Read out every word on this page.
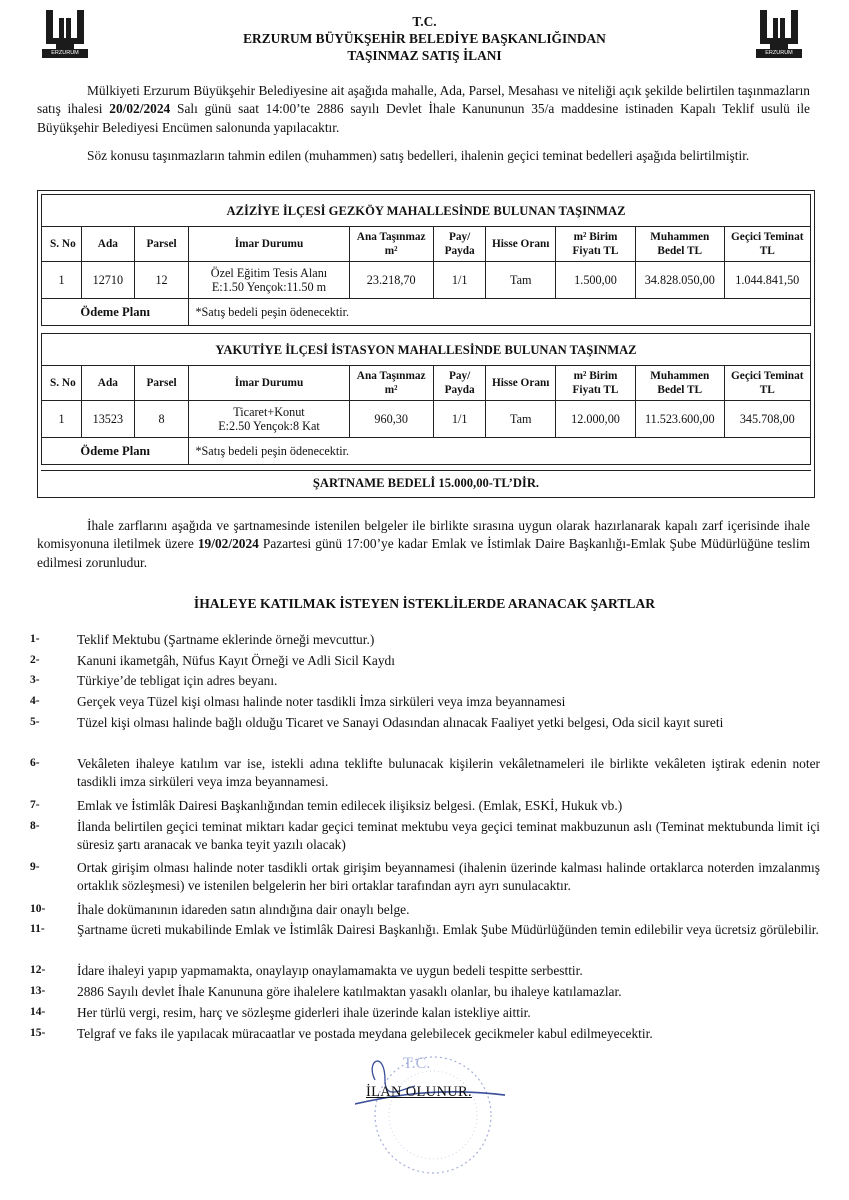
ERZURUM	ERZURUM
T.C.
ERZURUM BÜYÜKŞEHİR BELEDİYE BAŞKANLIĞINDAN
TAŞINMAZ SATIŞ İLANI
Mülkiyeti Erzurum Büyükşehir Belediyesine ait aşağıda mahalle, Ada, Parsel, Mesahası ve niteliği açık şekilde belirtilen taşınmazların satış ihalesi 20/02/2024 Salı günü saat 14:00’te 2886 sayılı Devlet İhale Kanununun 35/a maddesine istinaden Kapalı Teklif usulü ile Büyükşehir Belediyesi Encümen salonunda yapılacaktır.
Söz konusu taşınmazların tahmin edilen (muhammen) satış bedelleri, ihalenin geçici teminat bedelleri aşağıda belirtilmiştir.
AZİZİYE İLÇESİ GEZKÖY MAHALLESİNDE BULUNAN TAŞINMAZ									
S. No	Ada	Parsel	İmar Durumu	Ana Taşınmaz m²	Pay/ Payda	Hisse Oranı	m² Birim Fiyatı TL	Muhammen Bedel TL	Geçici Teminat TL
1	12710	12	Özel Eğitim Tesis Alanı
E:1.50 Yençok:11.50 m	23.218,70	1/1	Tam	1.500,00	34.828.050,00	1.044.841,50
Ödeme Planı			*Satış bedeli peşin ödenecektir.						
YAKUTİYE İLÇESİ İSTASYON MAHALLESİNDE BULUNAN TAŞINMAZ									
S. No	Ada	Parsel	İmar Durumu	Ana Taşınmaz m²	Pay/ Payda	Hisse Oranı	m² Birim Fiyatı TL	Muhammen Bedel TL	Geçici Teminat TL
1	13523	8	Ticaret+Konut
E:2.50 Yençok:8 Kat	960,30	1/1	Tam	12.000,00	11.523.600,00	345.708,00
Ödeme Planı			*Satış bedeli peşin ödenecektir.						
ŞARTNAME BEDELİ 15.000,00-TL’DİR.
İhale zarflarını aşağıda ve şartnamesinde istenilen belgeler ile birlikte sırasına uygun olarak hazırlanarak kapalı zarf içerisinde ihale komisyonuna iletilmek üzere 19/02/2024 Pazartesi günü 17:00’ye kadar Emlak ve İstimlak Daire Başkanlığı-Emlak Şube Müdürlüğüne teslim edilmesi zorunludur.
İHALEYE KATILMAK İSTEYEN İSTEKLİLERDE ARANACAK ŞARTLAR
1-	Teklif Mektubu (Şartname eklerinde örneği mevcuttur.)
2-	Kanuni ikametgâh, Nüfus Kayıt Örneği ve Adli Sicil Kaydı
3-	Türkiye’de tebligat için adres beyanı.
4-	Gerçek veya Tüzel kişi olması halinde noter tasdikli İmza sirküleri veya imza beyannamesi
5-	Tüzel kişi olması halinde bağlı olduğu Ticaret ve Sanayi Odasından alınacak Faaliyet yetki belgesi, Oda sicil kayıt sureti
6-	Vekâleten ihaleye katılım var ise, istekli adına teklifte bulunacak kişilerin vekâletnameleri ile birlikte vekâleten iştirak edenin noter tasdikli imza sirküleri veya imza beyannamesi.
7-	Emlak ve İstimlâk Dairesi Başkanlığından temin edilecek ilişiksiz belgesi. (Emlak, ESKİ, Hukuk vb.)
8-	İlanda belirtilen geçici teminat miktarı kadar geçici teminat mektubu veya geçici teminat makbuzunun aslı (Teminat mektubunda limit içi süresiz şartı aranacak ve banka teyit yazılı olacak)
9-	Ortak girişim olması halinde noter tasdikli ortak girişim beyannamesi (ihalenin üzerinde kalması halinde ortaklarca noterden imzalanmış ortaklık sözleşmesi) ve istenilen belgelerin her biri ortaklar tarafından ayrı ayrı sunulacaktır.
10- İhale dokümanının idareden satın alındığına dair onaylı belge.
11- Şartname ücreti mukabilinde Emlak ve İstimlâk Dairesi Başkanlığı. Emlak Şube Müdürlüğünden temin edilebilir veya ücretsiz görülebilir.
12- İdare ihaleyi yapıp yapmamakta, onaylayıp onaylamamakta ve uygun bedeli tespitte serbesttir.
13- 2886 Sayılı devlet İhale Kanununa göre ihalelere katılmaktan yasaklı olanlar, bu ihaleye katılamazlar.
14- Her türlü vergi, resim, harç ve sözleşme giderleri ihale üzerinde kalan istekliye aittir.
15- Telgraf ve faks ile yapılacak müracaatlar ve postada meydana gelebilecek gecikmeler kabul edilmeyecektir.
T.C.
İLAN OLUNUR.
